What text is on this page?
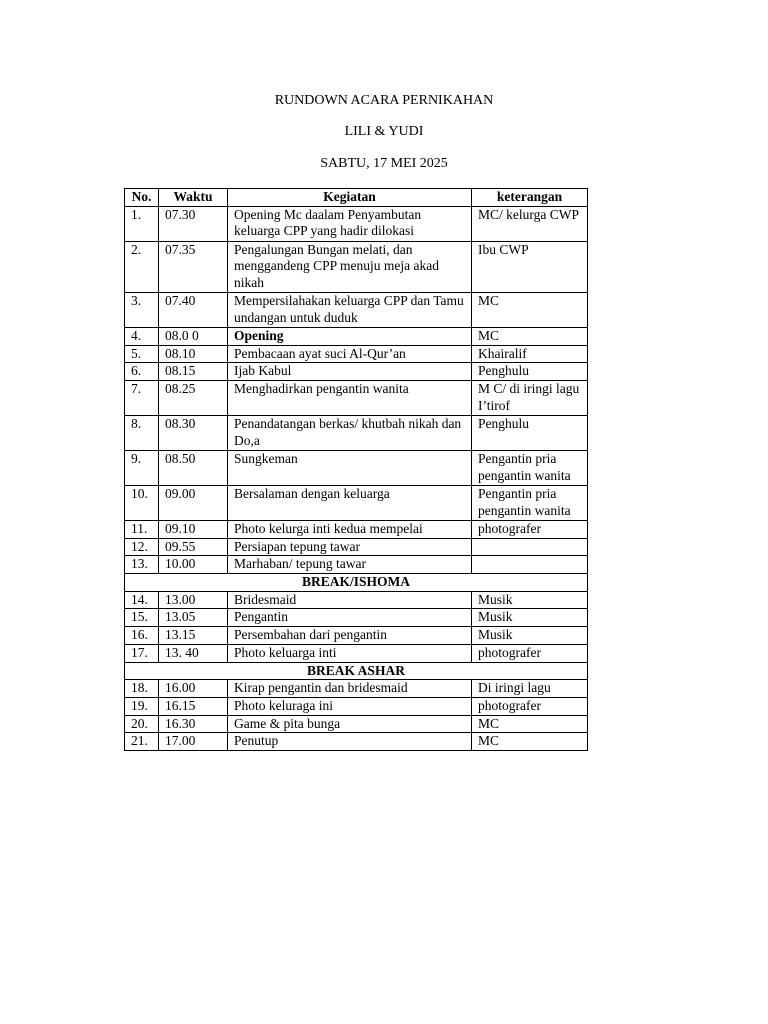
RUNDOWN ACARA PERNIKAHAN
LILI & YUDI
SABTU, 17 MEI 2025
No.	Waktu	Kegiatan	keterangan
1.	07.30	Opening Mc daalam Penyambutan keluarga CPP yang hadir dilokasi	MC/ kelurga CWP
2.	07.35	Pengalungan Bungan melati, dan menggandeng CPP menuju meja akad nikah	Ibu CWP
3.	07.40	Mempersilahakan keluarga CPP dan Tamu undangan untuk duduk	MC
4.	08.0 0	Opening	MC
5.	08.10	Pembacaan ayat suci Al-Qur’an	Khairalif
6.	08.15	Ijab Kabul	Penghulu
7.	08.25	Menghadirkan pengantin wanita	M C/ di iringi lagu I’tirof
8.	08.30	Penandatangan berkas/ khutbah nikah dan Do,a	Penghulu
9.	08.50	Sungkeman	Pengantin pria pengantin wanita
10.	09.00	Bersalaman dengan keluarga	Pengantin pria pengantin wanita
11.	09.10	Photo kelurga inti kedua mempelai	photografer
12.	09.55	Persiapan tepung tawar	
13.	10.00	Marhaban/ tepung tawar	
BREAK/ISHOMA			
14.	13.00	Bridesmaid	Musik
15.	13.05	Pengantin	Musik
16.	13.15	Persembahan dari pengantin	Musik
17.	13. 40	Photo keluarga inti	photografer
BREAK ASHAR			
18.	16.00	Kirap pengantin dan bridesmaid	Di iringi lagu
19.	16.15	Photo keluraga ini	photografer
20.	16.30	Game & pita bunga	MC
21.	17.00	Penutup	MC
